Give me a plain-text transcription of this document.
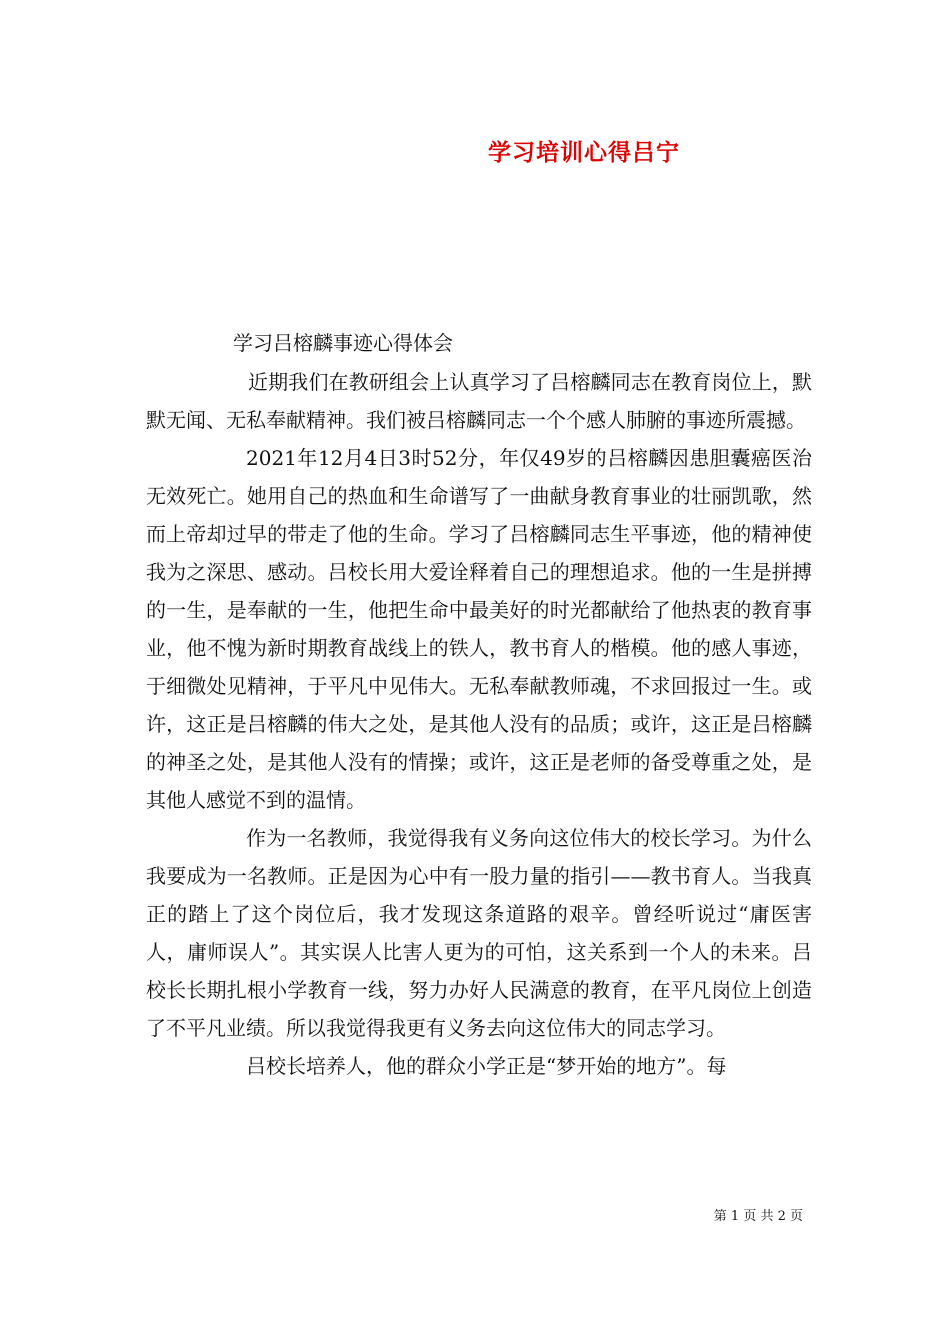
学习培训心得吕宁
学习吕榕麟事迹心得体会

近期我们在教研组会上认真学习了吕榕麟同志在教育岗位上，默默无闻、无私奉献精神。我们被吕榕麟同志一个个感人肺腑的事迹所震撼。

2021年12月4日3时52分，年仅49岁的吕榕麟因患胆囊癌医治无效死亡。她用自己的热血和生命谱写了一曲献身教育事业的壮丽凯歌，然而上帝却过早的带走了他的生命。学习了吕榕麟同志生平事迹，他的精神使我为之深思、感动。吕校长用大爱诠释着自己的理想追求。他的一生是拼搏的一生，是奉献的一生，他把生命中最美好的时光都献给了他热衷的教育事业，他不愧为新时期教育战线上的铁人，教书育人的楷模。他的感人事迹，于细微处见精神，于平凡中见伟大。无私奉献教师魂，不求回报过一生。或许，这正是吕榕麟的伟大之处，是其他人没有的品质；或许，这正是吕榕麟的神圣之处，是其他人没有的情操；或许，这正是老师的备受尊重之处，是其他人感觉不到的温情。

作为一名教师，我觉得我有义务向这位伟大的校长学习。为什么我要成为一名教师。正是因为心中有一股力量的指引——教书育人。当我真正的踏上了这个岗位后，我才发现这条道路的艰辛。曾经听说过“庸医害人，庸师误人”。其实误人比害人更为的可怕，这关系到一个人的未来。吕校长长期扎根小学教育一线，努力办好人民满意的教育，在平凡岗位上创造了不平凡业绩。所以我觉得我更有义务去向这位伟大的同志学习。

吕校长培养人，他的群众小学正是“梦开始的地方”。每

第 1 页 共 2 页
